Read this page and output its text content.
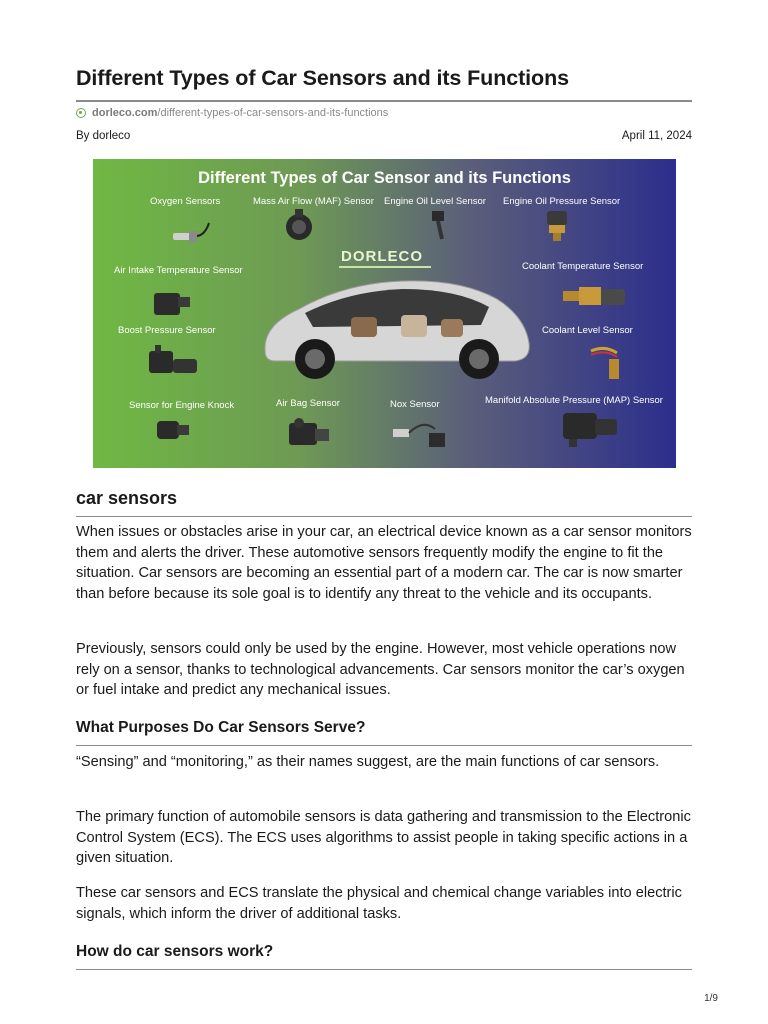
Different Types of Car Sensors and its Functions
dorleco.com /different-types-of-car-sensors-and-its-functions
By dorleco	April 11, 2024
Different Types of Car Sensor and its Functions
Oxygen Sensors	Mass Air Flow (MAF) Sensor Engine Oil Level Sensor Engine Oil Pressure Sensor
Air Intake Temperature Sensor	Coolant Temperature Sensor
Boost Pressure Sensor	Coolant Level Sensor
Sensor for Engine Knock	Air Bag Sensor	Nox Sensor	Manifold Absolute Pressure (MAP) Sensor
DORLECO
car sensors

When issues or obstacles arise in your car, an electrical device known as a car sensor monitors them and alerts the driver. These automotive sensors frequently modify the engine to fit the situation. Car sensors are becoming an essential part of a modern car. The car is now smarter than before because its sole goal is to identify any threat to the vehicle and its occupants.

Previously, sensors could only be used by the engine. However, most vehicle operations now rely on a sensor, thanks to technological advancements. Car sensors monitor the car’s oxygen or fuel intake and predict any mechanical issues.

What Purposes Do Car Sensors Serve?

“Sensing” and “monitoring,” as their names suggest, are the main functions of car sensors.

The primary function of automobile sensors is data gathering and transmission to the Electronic Control System (ECS). The ECS uses algorithms to assist people in taking specific actions in a given situation.

These car sensors and ECS translate the physical and chemical change variables into electric signals, which inform the driver of additional tasks.

How do car sensors work?
1/9
